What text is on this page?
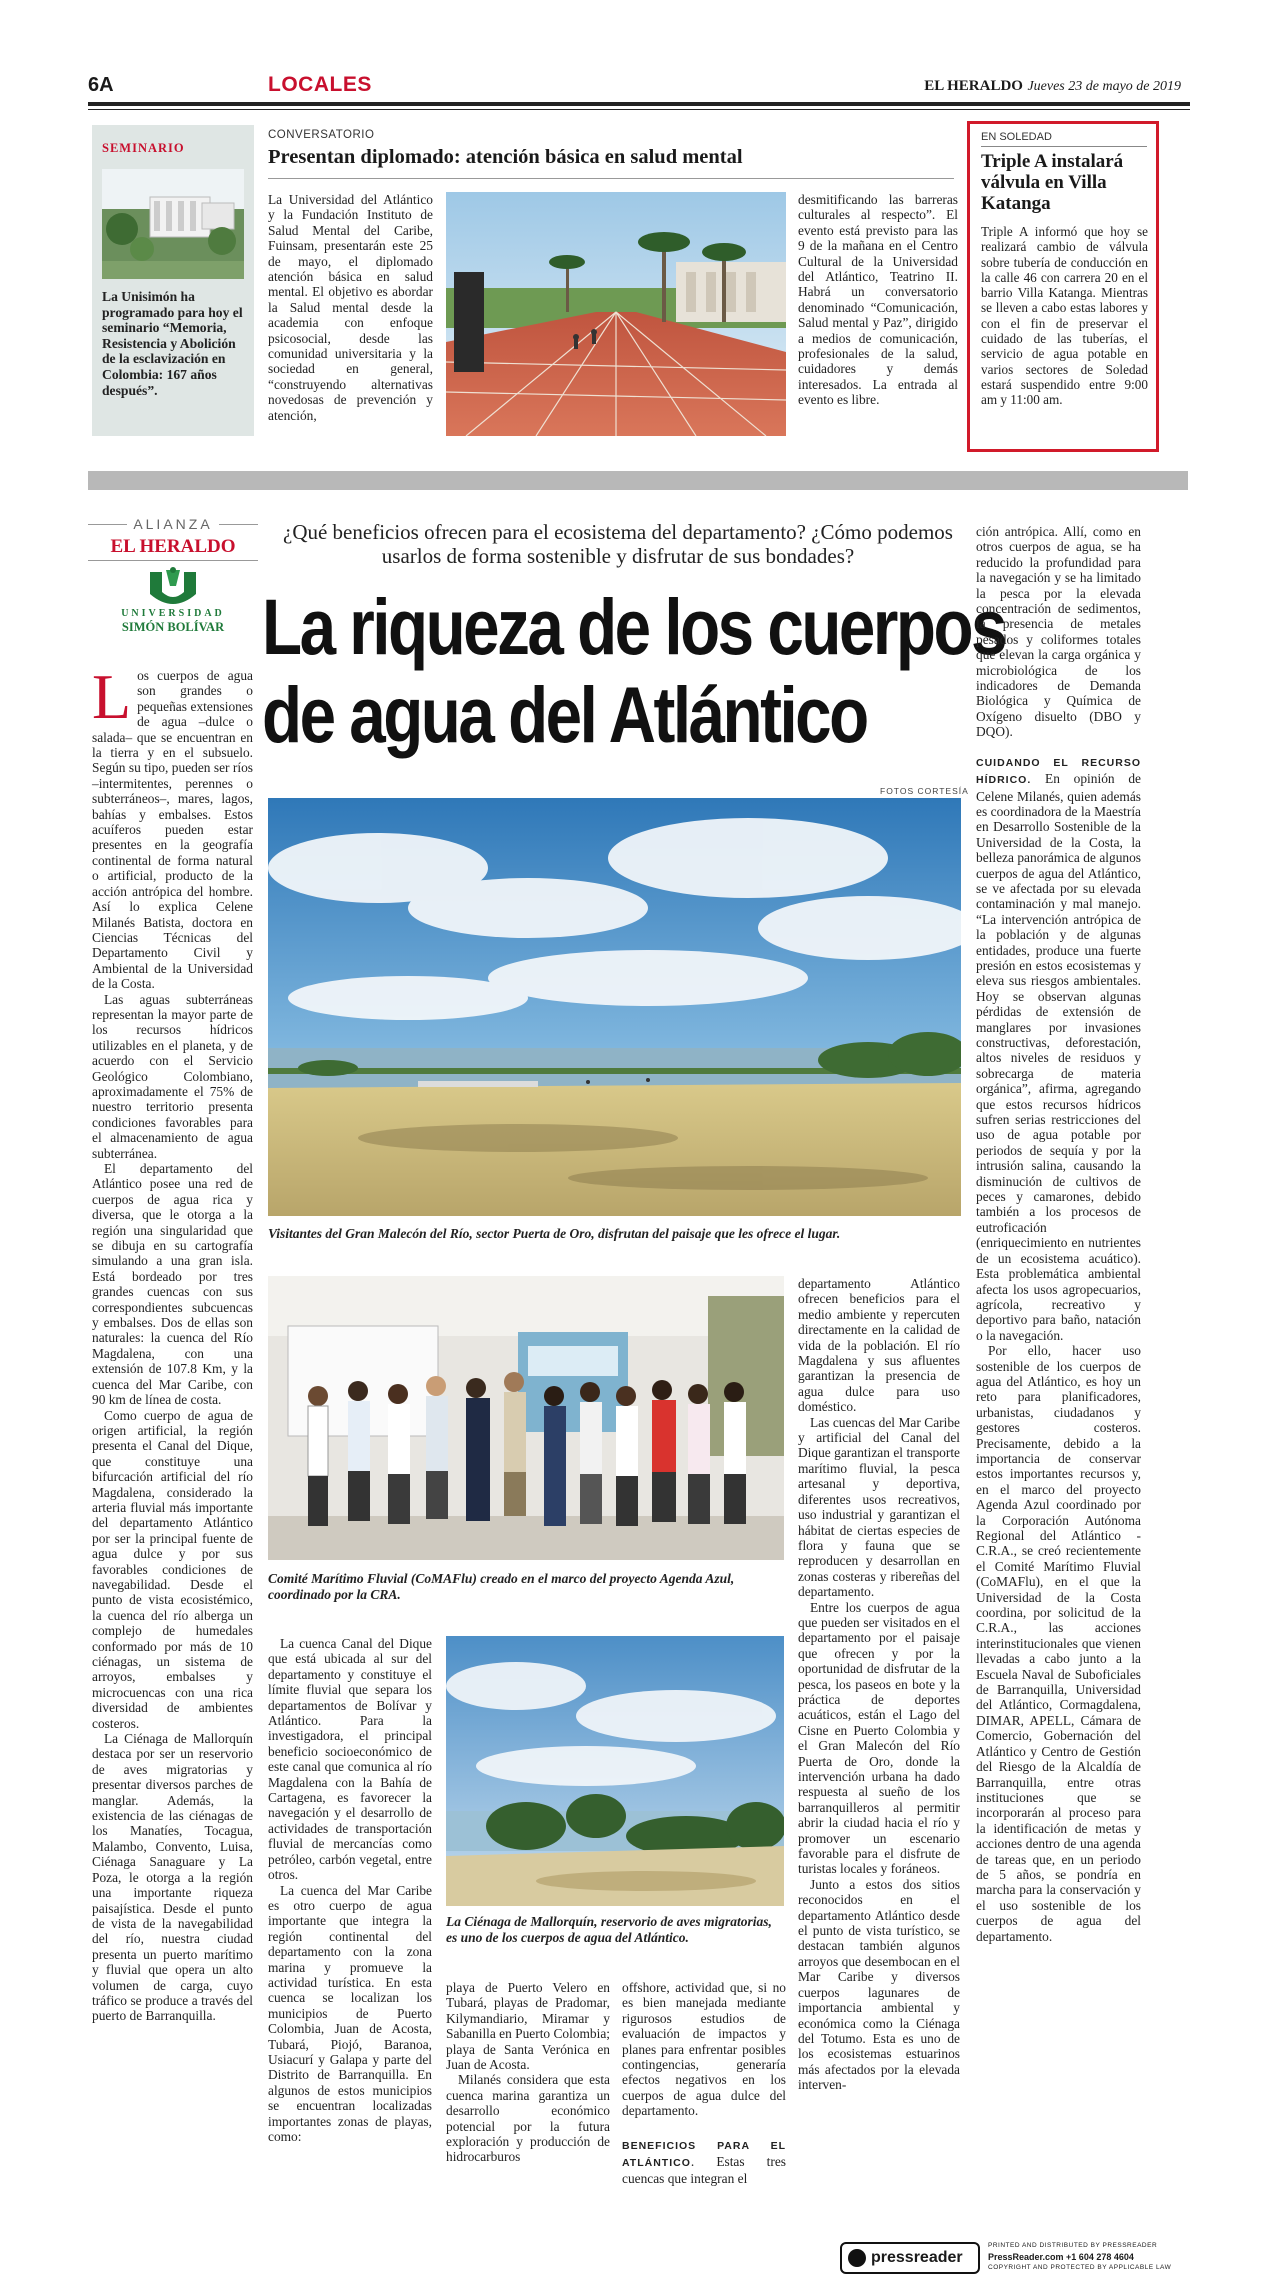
6A	LOCALES	EL HERALDO Jueves 23 de mayo de 2019
SEMINARIO
La Unisimón ha programado para hoy el seminario “Memoria, Resistencia y Abolición de la esclavización en Colombia: 167 años después”.
CONVERSATORIO
Presentan diplomado: atención básica en salud mental
La Universidad del Atlántico y la Fundación Instituto de Salud Mental del Caribe, Fuinsam, presentarán este 25 de mayo, el diplomado atención básica en salud mental. El objetivo es abordar la Salud mental desde la academia con enfoque psicosocial, desde las comunidad universitaria y la sociedad en general, “construyendo alternativas novedosas de prevención y atención,
desmitificando las barreras culturales al respecto”. El evento está previsto para las 9 de la mañana en el Centro Cultural de la Universidad del Atlántico, Teatrino II. Habrá un conversatorio denominado “Comunicación, Salud mental y Paz”, dirigido a medios de comunicación, profesionales de la salud, cuidadores y demás interesados. La entrada al evento es libre.
EN SOLEDAD
Triple A instalará válvula en Villa Katanga
Triple A informó que hoy se realizará cambio de válvula sobre tubería de conducción en la calle 46 con carrera 20 en el barrio Villa Katanga. Mientras se lleven a cabo estas labores y con el fin de preservar el cuidado de las tuberías, el servicio de agua potable en varios sectores de Soledad estará suspendido entre 9:00 am y 11:00 am.
ALIANZA
EL HERALDO
UNIVERSIDAD
SIMÓN BOLÍVAR
¿Qué beneficios ofrecen para el ecosistema del departamento? ¿Cómo podemos usarlos de forma sostenible y disfrutar de sus bondades?
La riqueza de los cuerpos
de agua del Atlántico
L os cuerpos de agua son grandes o pequeñas extensiones de agua –dulce o salada– que se encuentran en la tierra y en el subsuelo. Según su tipo, pueden ser ríos –intermitentes, perennes o subterráneos–, mares, lagos, bahías y embalses. Estos acuíferos pueden estar presentes en la geografía continental de forma natural o artificial, producto de la acción antrópica del hombre. Así lo explica Celene Milanés Batista, doctora en Ciencias Técnicas del Departamento Civil y Ambiental de la Universidad de la Costa.

Las aguas subterráneas representan la mayor parte de los recursos hídricos utilizables en el planeta, y de acuerdo con el Servicio Geológico Colombiano, aproximadamente el 75% de nuestro territorio presenta condiciones favorables para el almacenamiento de agua subterránea.

El departamento del Atlántico posee una red de cuerpos de agua rica y diversa, que le otorga a la región una singularidad que se dibuja en su cartografía simulando a una gran isla. Está bordeado por tres grandes cuencas con sus correspondientes subcuencas y embalses. Dos de ellas son naturales: la cuenca del Río Magdalena, con una extensión de 107.8 Km, y la cuenca del Mar Caribe, con 90 km de línea de costa.

Como cuerpo de agua de origen artificial, la región presenta el Canal del Dique, que constituye una bifurcación artificial del río Magdalena, considerado la arteria fluvial más importante del departamento Atlántico por ser la principal fuente de agua dulce y por sus favorables condiciones de navegabilidad. Desde el punto de vista ecosistémico, la cuenca del río alberga un complejo de humedales conformado por más de 10 ciénagas, un sistema de arroyos, embalses y microcuencas con una rica diversidad de ambientes costeros.

La Ciénaga de Mallorquín destaca por ser un reservorio de aves migratorias y presentar diversos parches de manglar. Además, la existencia de las ciénagas de los Manatíes, Tocagua, Malambo, Convento, Luisa, Ciénaga Sanaguare y La Poza, le otorga a la región una importante riqueza paisajística. Desde el punto de vista de la navegabilidad del río, nuestra ciudad presenta un puerto marítimo y fluvial que opera un alto volumen de carga, cuyo tráfico se produce a través del puerto de Barranquilla.

ción antrópica. Allí, como en otros cuerpos de agua, se ha reducido la profundidad para la navegación y se ha limitado la pesca por la elevada concentración de sedimentos, la presencia de metales pesados y coliformes totales que elevan la carga orgánica y microbiológica de los indicadores de Demanda Biológica y Química de Oxígeno disuelto (DBO y DQO).
CUIDANDO EL RECURSO HÍDRICO. En opinión de Celene Milanés, quien además es coordinadora de la Maestría en Desarrollo Sostenible de la Universidad de la Costa, la belleza panorámica de algunos cuerpos de agua del Atlántico, se ve afectada por su elevada contaminación y mal manejo. “La intervención antrópica de la población y de algunas entidades, produce una fuerte presión en estos ecosistemas y eleva sus riesgos ambientales. Hoy se observan algunas pérdidas de extensión de manglares por invasiones constructivas, deforestación, altos niveles de residuos y sobrecarga de materia orgánica”, afirma, agregando que estos recursos hídricos sufren serias restricciones del uso de agua potable por periodos de sequía y por la intrusión salina, causando la disminución de cultivos de peces y camarones, debido también a los procesos de eutroficación (enriquecimiento en nutrientes de un ecosistema acuático). Esta problemática ambiental afecta los usos agropecuarios, agrícola, recreativo y deportivo para baño, natación o la navegación.

Por ello, hacer uso sostenible de los cuerpos de agua del Atlántico, es hoy un reto para planificadores, urbanistas, ciudadanos y gestores costeros. Precisamente, debido a la importancia de conservar estos importantes recursos y, en el marco del proyecto Agenda Azul coordinado por la Corporación Autónoma Regional del Atlántico -C.R.A., se creó recientemente el Comité Marítimo Fluvial (CoMAFlu), en el que la Universidad de la Costa coordina, por solicitud de la C.R.A., las acciones interinstitucionales que vienen llevadas a cabo junto a la Escuela Naval de Suboficiales de Barranquilla, Universidad del Atlántico, Cormagdalena, DIMAR, APELL, Cámara de Comercio, Gobernación del Atlántico y Centro de Gestión del Riesgo de la Alcaldía de Barranquilla, entre otras instituciones que se incorporarán al proceso para la identificación de metas y acciones dentro de una agenda de tareas que, en un periodo de 5 años, se pondría en marcha para la conservación y el uso sostenible de los cuerpos de agua del departamento.

FOTOS CORTESÍA
Visitantes del Gran Malecón del Río, sector Puerta de Oro, disfrutan del paisaje que les ofrece el lugar.
Comité Marítimo Fluvial (CoMAFlu) creado en el marco del proyecto Agenda Azul, coordinado por la CRA.
departamento Atlántico ofrecen beneficios para el medio ambiente y repercuten directamente en la calidad de vida de la población. El río Magdalena y sus afluentes garantizan la presencia de agua dulce para uso doméstico.

Las cuencas del Mar Caribe y artificial del Canal del Dique garantizan el transporte marítimo fluvial, la pesca artesanal y deportiva, diferentes usos recreativos, uso industrial y garantizan el hábitat de ciertas especies de flora y fauna que se reproducen y desarrollan en zonas costeras y ribereñas del departamento.

Entre los cuerpos de agua que pueden ser visitados en el departamento por el paisaje que ofrecen y por la oportunidad de disfrutar de la pesca, los paseos en bote y la práctica de deportes acuáticos, están el Lago del Cisne en Puerto Colombia y el Gran Malecón del Río Puerta de Oro, donde la intervención urbana ha dado respuesta al sueño de los barranquilleros al permitir abrir la ciudad hacia el río y promover un escenario favorable para el disfrute de turistas locales y foráneos.

Junto a estos dos sitios reconocidos en el departamento Atlántico desde el punto de vista turístico, se destacan también algunos arroyos que desembocan en el Mar Caribe y diversos cuerpos lagunares de importancia ambiental y económica como la Ciénaga del Totumo. Esta es uno de los ecosistemas estuarinos más afectados por la elevada interven-

La cuenca Canal del Dique que está ubicada al sur del departamento y constituye el límite fluvial que separa los departamentos de Bolívar y Atlántico. Para la investigadora, el principal beneficio socioeconómico de este canal que comunica al río Magdalena con la Bahía de Cartagena, es favorecer la navegación y el desarrollo de actividades de transportación fluvial de mercancías como petróleo, carbón vegetal, entre otros.

La cuenca del Mar Caribe es otro cuerpo de agua importante que integra la región continental del departamento con la zona marina y promueve la actividad turística. En esta cuenca se localizan los municipios de Puerto Colombia, Juan de Acosta, Tubará, Piojó, Baranoa, Usiacurí y Galapa y parte del Distrito de Barranquilla. En algunos de estos municipios se encuentran localizadas importantes zonas de playas, como:

La Ciénaga de Mallorquín, reservorio de aves migratorias, es uno de los cuerpos de agua del Atlántico.
playa de Puerto Velero en Tubará, playas de Pradomar, Kilymandiario, Miramar y Sabanilla en Puerto Colombia; playa de Santa Verónica en Juan de Acosta.

Milanés considera que esta cuenca marina garantiza un desarrollo económico potencial por la futura exploración y producción de hidrocarburos

offshore, actividad que, si no es bien manejada mediante rigurosos estudios de evaluación de impactos y planes para enfrentar posibles contingencias, generaría efectos negativos en los cuerpos de agua dulce del departamento.
BENEFICIOS PARA EL ATLÁNTICO. Estas tres cuencas que integran el
pressreader
PRINTED AND DISTRIBUTED BY PRESSREADER
PressReader.com +1 604 278 4604
COPYRIGHT AND PROTECTED BY APPLICABLE LAW
